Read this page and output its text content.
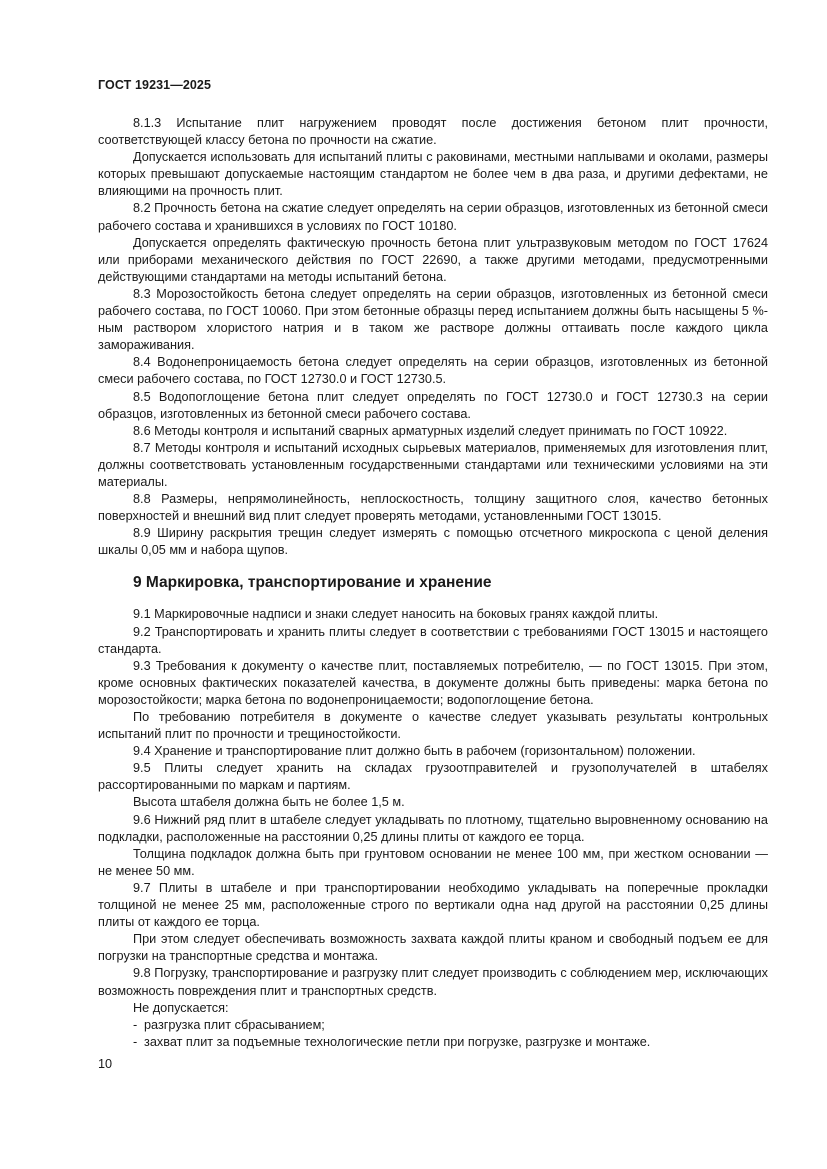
ГОСТ 19231—2025

8.1.3 Испытание плит нагружением проводят после достижения бетоном плит прочности, соответствующей классу бетона по прочности на сжатие.

Допускается использовать для испытаний плиты с раковинами, местными наплывами и околами, размеры которых превышают допускаемые настоящим стандартом не более чем в два раза, и другими дефектами, не влияющими на прочность плит.

8.2 Прочность бетона на сжатие следует определять на серии образцов, изготовленных из бетонной смеси рабочего состава и хранившихся в условиях по ГОСТ 10180.

Допускается определять фактическую прочность бетона плит ультразвуковым методом по ГОСТ 17624 или приборами механического действия по ГОСТ 22690, а также другими методами, предусмотренными действующими стандартами на методы испытаний бетона.

8.3 Морозостойкость бетона следует определять на серии образцов, изготовленных из бетонной смеси рабочего состава, по ГОСТ 10060. При этом бетонные образцы перед испытанием должны быть насыщены 5 %-ным раствором хлористого натрия и в таком же растворе должны оттаивать после каждого цикла замораживания.

8.4 Водонепроницаемость бетона следует определять на серии образцов, изготовленных из бетонной смеси рабочего состава, по ГОСТ 12730.0 и ГОСТ 12730.5.

8.5 Водопоглощение бетона плит следует определять по ГОСТ 12730.0 и ГОСТ 12730.3 на серии образцов, изготовленных из бетонной смеси рабочего состава.

8.6 Методы контроля и испытаний сварных арматурных изделий следует принимать по ГОСТ 10922.

8.7 Методы контроля и испытаний исходных сырьевых материалов, применяемых для изготовления плит, должны соответствовать установленным государственными стандартами или техническими условиями на эти материалы.

8.8 Размеры, непрямолинейность, неплоскостность, толщину защитного слоя, качество бетонных поверхностей и внешний вид плит следует проверять методами, установленными ГОСТ 13015.

8.9 Ширину раскрытия трещин следует измерять с помощью отсчетного микроскопа с ценой деления шкалы 0,05 мм и набора щупов.

9 Маркировка, транспортирование и хранение

9.1 Маркировочные надписи и знаки следует наносить на боковых гранях каждой плиты.

9.2 Транспортировать и хранить плиты следует в соответствии с требованиями ГОСТ 13015 и настоящего стандарта.

9.3 Требования к документу о качестве плит, поставляемых потребителю, — по ГОСТ 13015. При этом, кроме основных фактических показателей качества, в документе должны быть приведены: марка бетона по морозостойкости; марка бетона по водонепроницаемости; водопоглощение бетона.

По требованию потребителя в документе о качестве следует указывать результаты контрольных испытаний плит по прочности и трещиностойкости.

9.4 Хранение и транспортирование плит должно быть в рабочем (горизонтальном) положении.

9.5 Плиты следует хранить на складах грузоотправителей и грузополучателей в штабелях рассортированными по маркам и партиям.

Высота штабеля должна быть не более 1,5 м.

9.6 Нижний ряд плит в штабеле следует укладывать по плотному, тщательно выровненному основанию на подкладки, расположенные на расстоянии 0,25 длины плиты от каждого ее торца.

Толщина подкладок должна быть при грунтовом основании не менее 100 мм, при жестком основании — не менее 50 мм.

9.7 Плиты в штабеле и при транспортировании необходимо укладывать на поперечные прокладки толщиной не менее 25 мм, расположенные строго по вертикали одна над другой на расстоянии 0,25 длины плиты от каждого ее торца.

При этом следует обеспечивать возможность захвата каждой плиты краном и свободный подъем ее для погрузки на транспортные средства и монтажа.

9.8 Погрузку, транспортирование и разгрузку плит следует производить с соблюдением мер, исключающих возможность повреждения плит и транспортных средств.

Не допускается:

- разгрузка плит сбрасыванием;
- захват плит за подъемные технологические петли при погрузке, разгрузке и монтаже.
10
